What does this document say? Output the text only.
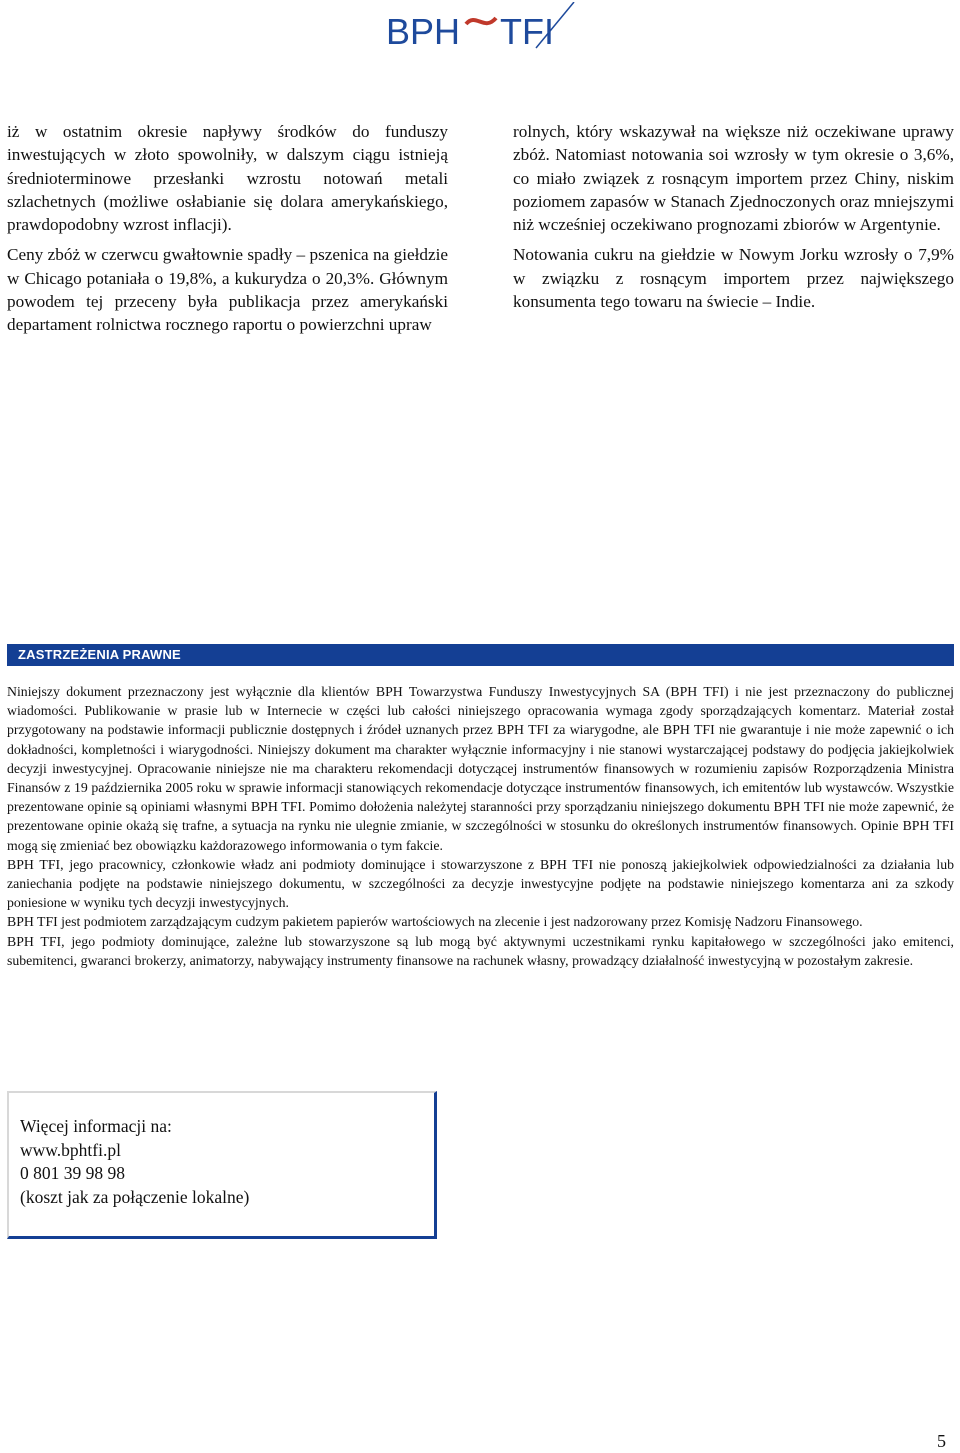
BPH TFI

iż w ostatnim okresie napływy środków do funduszy inwestujących w złoto spowolniły, w dalszym ciągu istnieją średnioterminowe przesłanki wzrostu notowań metali szlachetnych (możliwe osłabianie się dolara amerykańskiego, prawdopodobny wzrost inflacji).

Ceny zbóż w czerwcu gwałtownie spadły – pszenica na giełdzie w Chicago potaniała o 19,8%, a kukurydza o 20,3%. Głównym powodem tej przeceny była publikacja przez amerykański departament rolnictwa rocznego raportu o powierzchni upraw

rolnych, który wskazywał na większe niż oczekiwane uprawy zbóż. Natomiast notowania soi wzrosły w tym okresie o 3,6%, co miało związek z rosnącym importem przez Chiny, niskim poziomem zapasów w Stanach Zjednoczonych oraz mniejszymi niż wcześniej oczekiwano prognozami zbiorów w Argentynie.

Notowania cukru na giełdzie w Nowym Jorku wzrosły o 7,9% w związku z rosnącym importem przez największego konsumenta tego towaru na świecie – Indie.

ZASTRZEŻENIA PRAWNE

Niniejszy dokument przeznaczony jest wyłącznie dla klientów BPH Towarzystwa Funduszy Inwestycyjnych SA (BPH TFI) i nie jest przeznaczony do publicznej wiadomości. Publikowanie w prasie lub w Internecie w części lub całości niniejszego opracowania wymaga zgody sporządzających komentarz. Materiał został przygotowany na podstawie informacji publicznie dostępnych i źródeł uznanych przez BPH TFI za wiarygodne, ale BPH TFI nie gwarantuje i nie może zapewnić o ich dokładności, kompletności i wiarygodności. Niniejszy dokument ma charakter wyłącznie informacyjny i nie stanowi wystarczającej podstawy do podjęcia jakiejkolwiek decyzji inwestycyjnej. Opracowanie niniejsze nie ma charakteru rekomendacji dotyczącej instrumentów finansowych w rozumieniu zapisów Rozporządzenia Ministra Finansów z 19 października 2005 roku w sprawie informacji stanowiących rekomendacje dotyczące instrumentów finansowych, ich emitentów lub wystawców. Wszystkie prezentowane opinie są opiniami własnymi BPH TFI. Pomimo dołożenia należytej staranności przy sporządzaniu niniejszego dokumentu BPH TFI nie może zapewnić, że prezentowane opinie okażą się trafne, a sytuacja na rynku nie ulegnie zmianie, w szczególności w stosunku do określonych instrumentów finansowych. Opinie BPH TFI mogą się zmieniać bez obowiązku każdorazowego informowania o tym fakcie.

BPH TFI, jego pracownicy, członkowie władz ani podmioty dominujące i stowarzyszone z BPH TFI nie ponoszą jakiejkolwiek odpowiedzialności za działania lub zaniechania podjęte na podstawie niniejszego dokumentu, w szczególności za decyzje inwestycyjne podjęte na podstawie niniejszego komentarza ani za szkody poniesione w wyniku tych decyzji inwestycyjnych.

BPH TFI jest podmiotem zarządzającym cudzym pakietem papierów wartościowych na zlecenie i jest nadzorowany przez Komisję Nadzoru Finansowego.

BPH TFI, jego podmioty dominujące, zależne lub stowarzyszone są lub mogą być aktywnymi uczestnikami rynku kapitałowego w szczególności jako emitenci, subemitenci, gwaranci brokerzy, animatorzy, nabywający instrumenty finansowe na rachunek własny, prowadzący działalność inwestycyjną w pozostałym zakresie.

Więcej informacji na:
www.bphtfi.pl
0 801 39 98 98
(koszt jak za połączenie lokalne)
5
